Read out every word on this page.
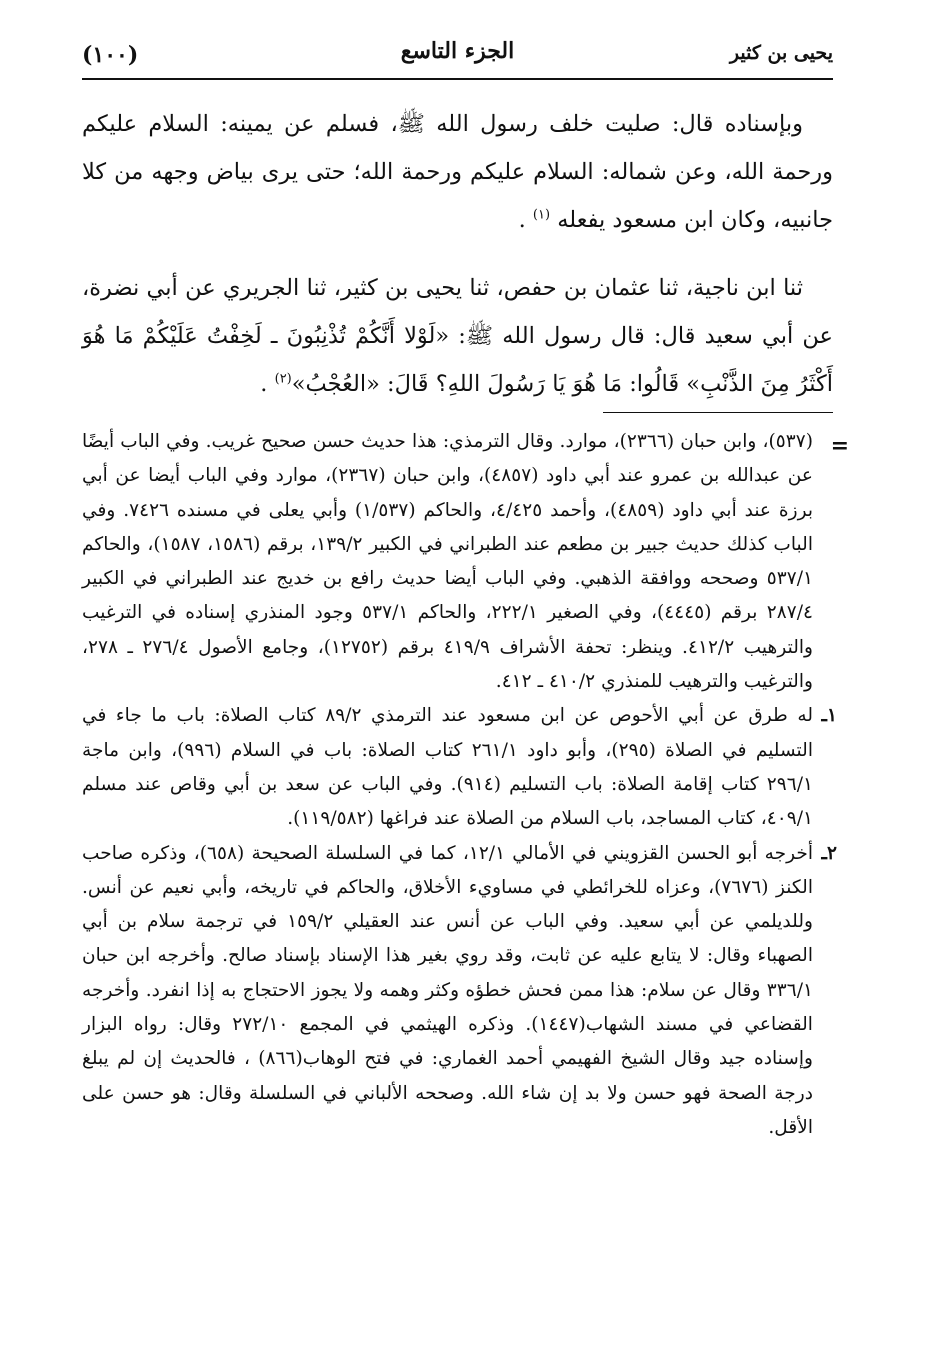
يحيى بن كثير
الجزء التاسع
(١٠٠)

وبإسناده قال: صليت خلف رسول الله ﷺ، فسلم عن يمينه: السلام عليكم ورحمة الله، وعن شماله: السلام عليكم ورحمة الله؛ حتى يرى بياض وجهه من كلا جانبيه، وكان ابن مسعود يفعله $^{(١)}$ .

ثنا ابن ناجية، ثنا عثمان بن حفص، ثنا يحيى بن كثير، ثنا الجريري عن أبي نضرة، عن أبي سعيد قال: قال رسول الله ﷺ: «لَوْلا أَنَّكُمْ تُذْنِبُونَ ـ لَخِفْتُ عَلَيْكُمْ مَا هُوَ أَكْثَرُ مِنَ الذَّنْبِ» قَالُوا: مَا هُوَ يَا رَسُولَ اللهِ؟ قَالَ: «العُجْبُ»$^{(٢)}$ .

=

(٥٣٧)، وابن حبان (٢٣٦٦)، موارد. وقال الترمذي: هذا حديث حسن صحيح غريب. وفي الباب أيضًا عن عبدالله بن عمرو عند أبي داود (٤٨٥٧)، وابن حبان (٢٣٦٧)، موارد وفي الباب أيضا عن أبي برزة عند أبي داود (٤٨٥٩)، وأحمد ٤/٤٢٥، والحاكم (١/٥٣٧) وأبي يعلى في مسنده ٧٤٢٦. وفي الباب كذلك حديث جبير بن مطعم عند الطبراني في الكبير ١٣٩/٢، برقم (١٥٨٦، ١٥٨٧)، والحاكم ٥٣٧/١ وصححه ووافقة الذهبي. وفي الباب أيضا حديث رافع بن خديج عند الطبراني في الكبير ٢٨٧/٤ برقم (٤٤٤٥)، وفي الصغير ٢٢٢/١، والحاكم ٥٣٧/١ وجود المنذري إسناده في الترغيب والترهيب ٤١٢/٢. وينظر: تحفة الأشراف ٤١٩/٩ برقم (١٢٧٥٢)، وجامع الأصول ٢٧٦/٤ ـ ٢٧٨، والترغيب والترهيب للمنذري ٤١٠/٢ ـ ٤١٢.

١ـ
له طرق عن أبي الأحوص عن ابن مسعود عند الترمذي ٨٩/٢ كتاب الصلاة: باب ما جاء في التسليم في الصلاة (٢٩٥)، وأبو داود ٢٦١/١ كتاب الصلاة: باب في السلام (٩٩٦)، وابن ماجة ٢٩٦/١ كتاب إقامة الصلاة: باب التسليم (٩١٤). وفي الباب عن سعد بن أبي وقاص عند مسلم ٤٠٩/١، كتاب المساجد، باب السلام من الصلاة عند فراغها (١١٩/٥٨٢).

٢ـ
أخرجه أبو الحسن القزويني في الأمالي ١٢/١، كما في السلسلة الصحيحة (٦٥٨)، وذكره صاحب الكنز (٧٦٧٦)، وعزاه للخرائطي في مساويء الأخلاق، والحاكم في تاريخه، وأبي نعيم عن أنس. وللديلمي عن أبي سعيد. وفي الباب عن أنس عند العقيلي ١٥٩/٢ في ترجمة سلام بن أبي الصهباء وقال: لا يتابع عليه عن ثابت، وقد روي بغير هذا الإسناد بإسناد صالح. وأخرجه ابن حبان ٣٣٦/١ وقال عن سلام: هذا ممن فحش خطؤه وكثر وهمه ولا يجوز الاحتجاج به إذا انفرد. وأخرجه القضاعي في مسند الشهاب(١٤٤٧). وذكره الهيثمي في المجمع ٢٧٢/١٠ وقال: رواه البزار وإسناده جيد وقال الشيخ الفهيمي أحمد الغماري: في فتح الوهاب(٨٦٦) ، فالحديث إن لم يبلغ درجة الصحة فهو حسن ولا بد إن شاء الله. وصححه الألباني في السلسلة وقال: هو حسن على الأقل.
